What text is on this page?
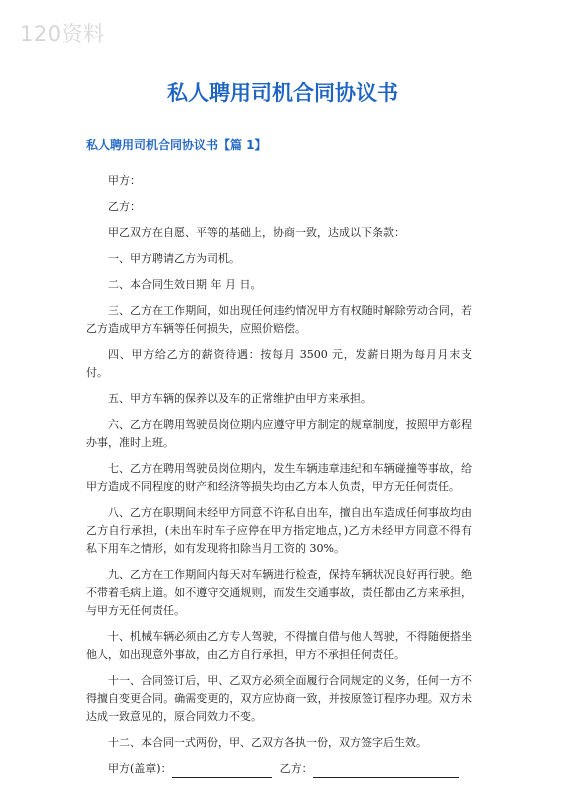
120资料
私人聘用司机合同协议书
私人聘用司机合同协议书【篇 1】

甲方：

乙方：

甲乙双方在自愿、平等的基础上，协商一致，达成以下条款：

一、甲方聘请乙方为司机。

二、本合同生效日期 年 月 日。

三、乙方在工作期间，如出现任何违约情况甲方有权随时解除劳动合同，若乙方造成甲方车辆等任何损失，应照价赔偿。

四、甲方给乙方的薪资待遇：按每月 3500 元，发薪日期为每月月末支付。

五、甲方车辆的保养以及车的正常维护由甲方来承担。

六、乙方在聘用驾驶员岗位期内应遵守甲方制定的规章制度，按照甲方彰程办事，准时上班。

七、乙方在聘用驾驶员岗位期内，发生车辆违章违纪和车辆碰撞等事故，给甲方造成不同程度的财产和经济等损失均由乙方本人负责，甲方无任何责任。

八、乙方在职期间未经甲方同意不许私自出车，擅自出车造成任何事故均由乙方自行承担，(未出车时车子应停在甲方指定地点，)乙方未经甲方同意不得有私下用车之情形，如有发现将扣除当月工资的 30%。

九、乙方在工作期间内每天对车辆进行检查，保持车辆状况良好再行驶。绝不带着毛病上道。如不遵守交通规则，而发生交通事故，责任都由乙方来承担，与甲方无任何责任。

十、机械车辆必须由乙方专人驾驶，不得擅自借与他人驾驶，不得随便搭坐他人，如出现意外事故，由乙方自行承担，甲方不承担任何责任。

十一、合同签订后，甲、乙双方必须全面履行合同规定的义务，任何一方不得擅自变更合同。确需变更的，双方应协商一致，并按原签订程序办理。双方未达成一致意见的，原合同效力不变。

十二、本合同一式两份，甲、乙双方各执一份，双方签字后生效。

甲方(盖章)：	乙方：
